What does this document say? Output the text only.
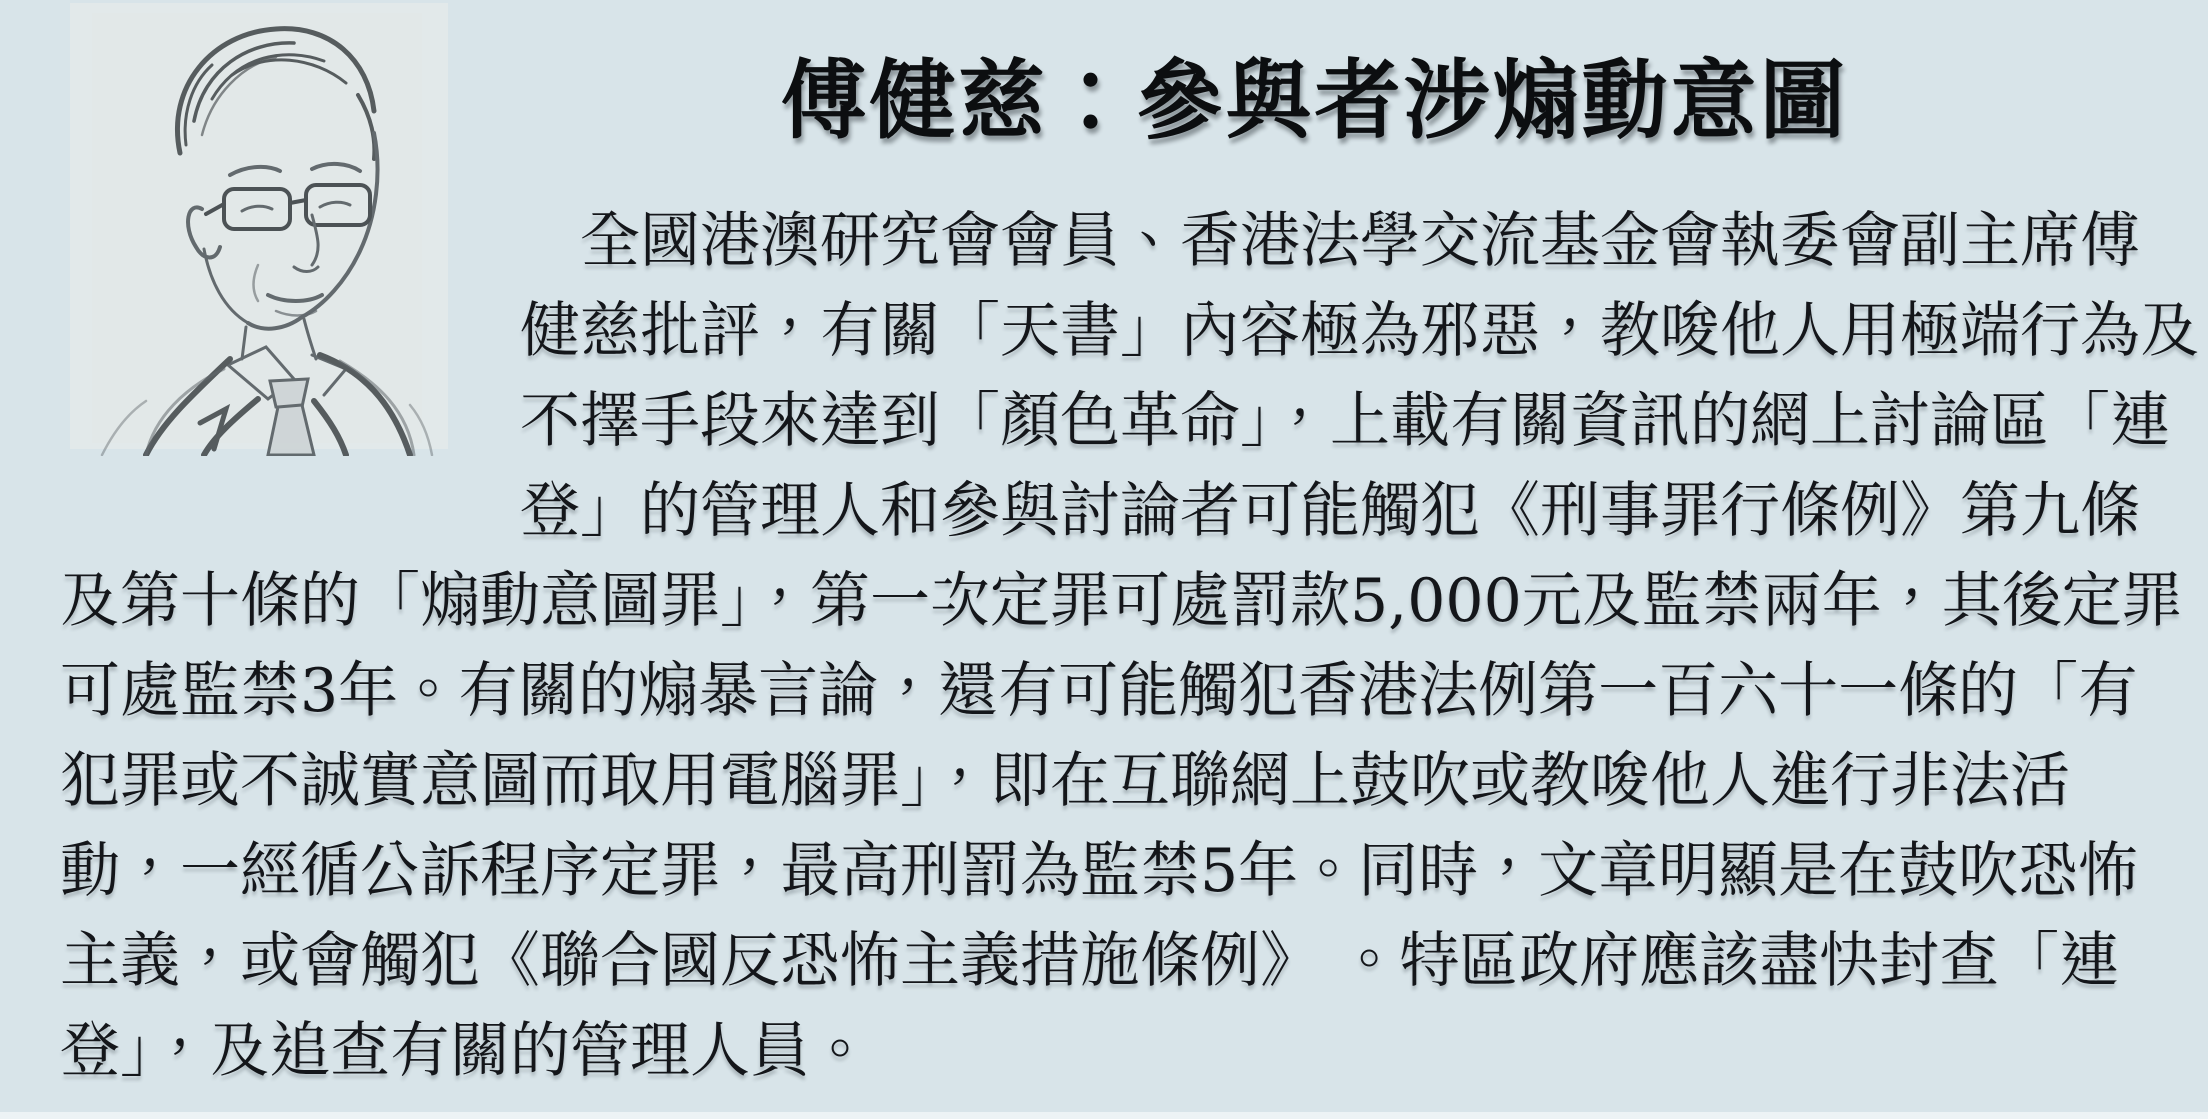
傅健慈：參與者涉煽動意圖
全國港澳研究會會員、香港法學交流基金會執委會副主席傅
健慈批評，有關「天書」內容極為邪惡，教唆他人用極端行為及
不擇手段來達到「顏色革命」，上載有關資訊的網上討論區「連
登」的管理人和參與討論者可能觸犯《刑事罪行條例》第九條
及第十條的「煽動意圖罪」，第一次定罪可處罰款5,000元及監禁兩年，其後定罪
可處監禁3年。有關的煽暴言論，還有可能觸犯香港法例第一百六十一條的「有
犯罪或不誠實意圖而取用電腦罪」，即在互聯網上鼓吹或教唆他人進行非法活
動，一經循公訴程序定罪，最高刑罰為監禁5年。同時，文章明顯是在鼓吹恐怖
主義，或會觸犯《聯合國反恐怖主義措施條例》 。特區政府應該盡快封查「連
登」，及追查有關的管理人員。
